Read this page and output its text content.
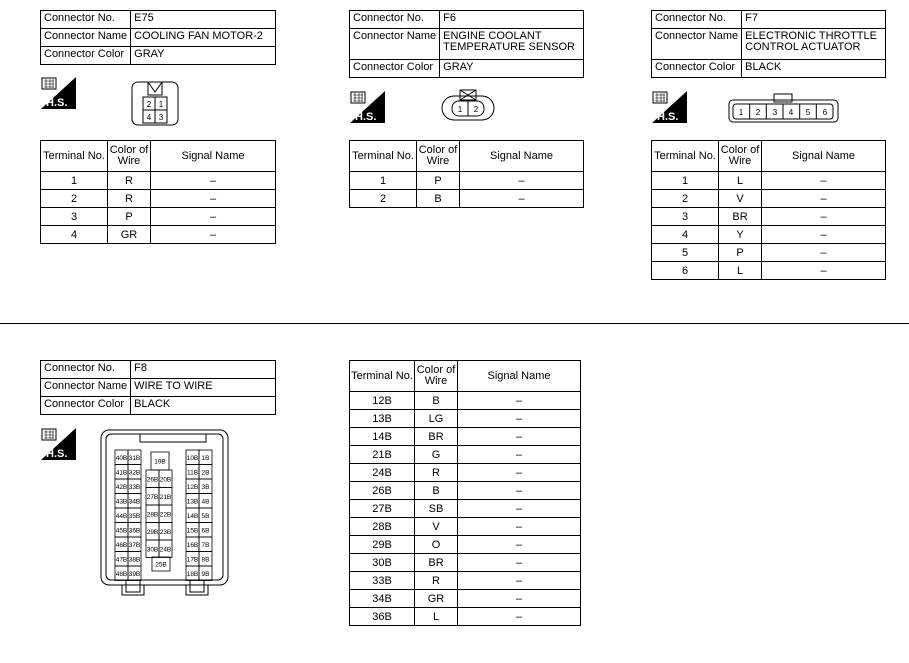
Connector No.	E75
Connector Name	COOLING FAN MOTOR-2
Connector Color	GRAY
H.S.	2 1
4 3
Terminal No.	Color of Wire	Signal Name
1	R	–
2	R	–
3	P	–
4	GR	–
Connector No.	F6
Connector Name	ENGINE COOLANT TEMPERATURE SENSOR
Connector Color	GRAY
H.S.
1 2
Terminal No.	Color of Wire	Signal Name
1	P	–
2	B	–
Connector No.	F7
Connector Name	ELECTRONIC THROTTLE CONTROL ACTUATOR
Connector Color	BLACK
H.S.	1 2 3 4 5 6
Terminal No.	Color of Wire	Signal Name
1	L	–
2	V	–
3	BR	–
4	Y	–
5	P	–
6	L	–
Connector No.	F8
Connector Name	WIRE TO WIRE
Connector Color	BLACK
H.S.	40B 31B
41B 32B
42B 33B
43B 34B
44B 35B
45B 36B
46B 37B
47B 38B
48B 39B
10B 1B
11B 2B
12B 3B
13B 4B
14B 5B
15B 6B
16B 7B
17B 8B
18B 9B
19B
26B 20B
27B 21B
28B 22B
29B 23B
30B 24B
25B
Terminal No.	Color of Wire	Signal Name
12B	B	–
13B	LG	–
14B	BR	–
21B	G	–
24B	R	–
26B	B	–
27B	SB	–
28B	V	–
29B	O	–
30B	BR	–
33B	R	–
34B	GR	–
36B	L	–
